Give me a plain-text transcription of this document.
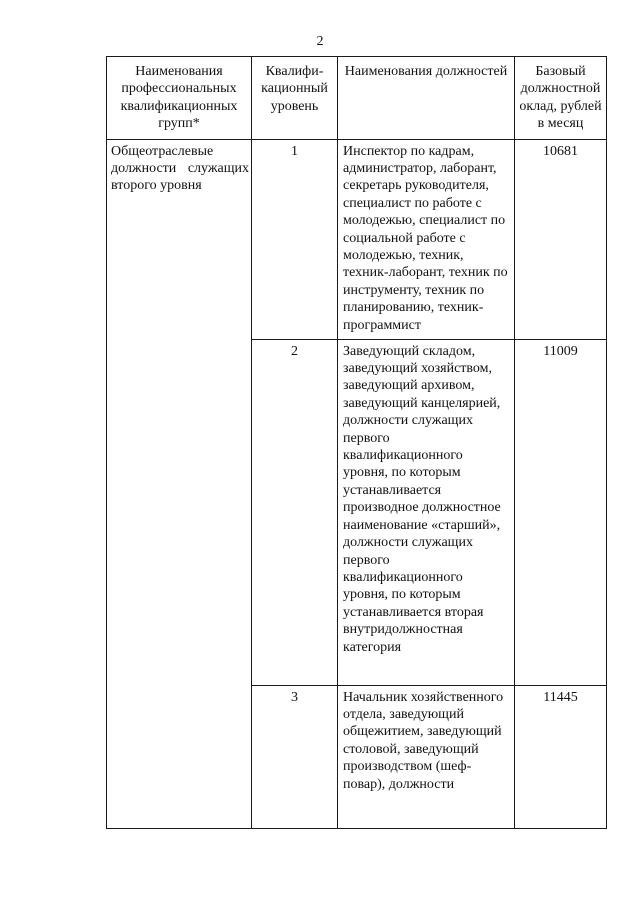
2
Наименования профессиональных квалификационных групп*	Квалифи-кационный уровень	Наименования должностей	Базовый должностной оклад, рублей в месяц
Общеотраслевые должности служащих второго уровня	1	Инспектор по кадрам, администратор, лаборант, секретарь руководителя, специалист по работе с молодежью, специалист по социальной работе с молодежью, техник, техник-лаборант, техник по инструменту, техник по планированию, техник-программист	10681
	2	Заведующий складом, заведующий хозяйством, заведующий архивом, заведующий канцелярией, должности служащих первого квалификационного уровня, по которым устанавливается производное должностное наименование «старший», должности служащих первого квалификационного уровня, по которым устанавливается вторая внутридолжностная категория	11009
	3	Начальник хозяйственного отдела, заведующий общежитием, заведующий столовой, заведующий производством (шеф-повар), должности	11445
